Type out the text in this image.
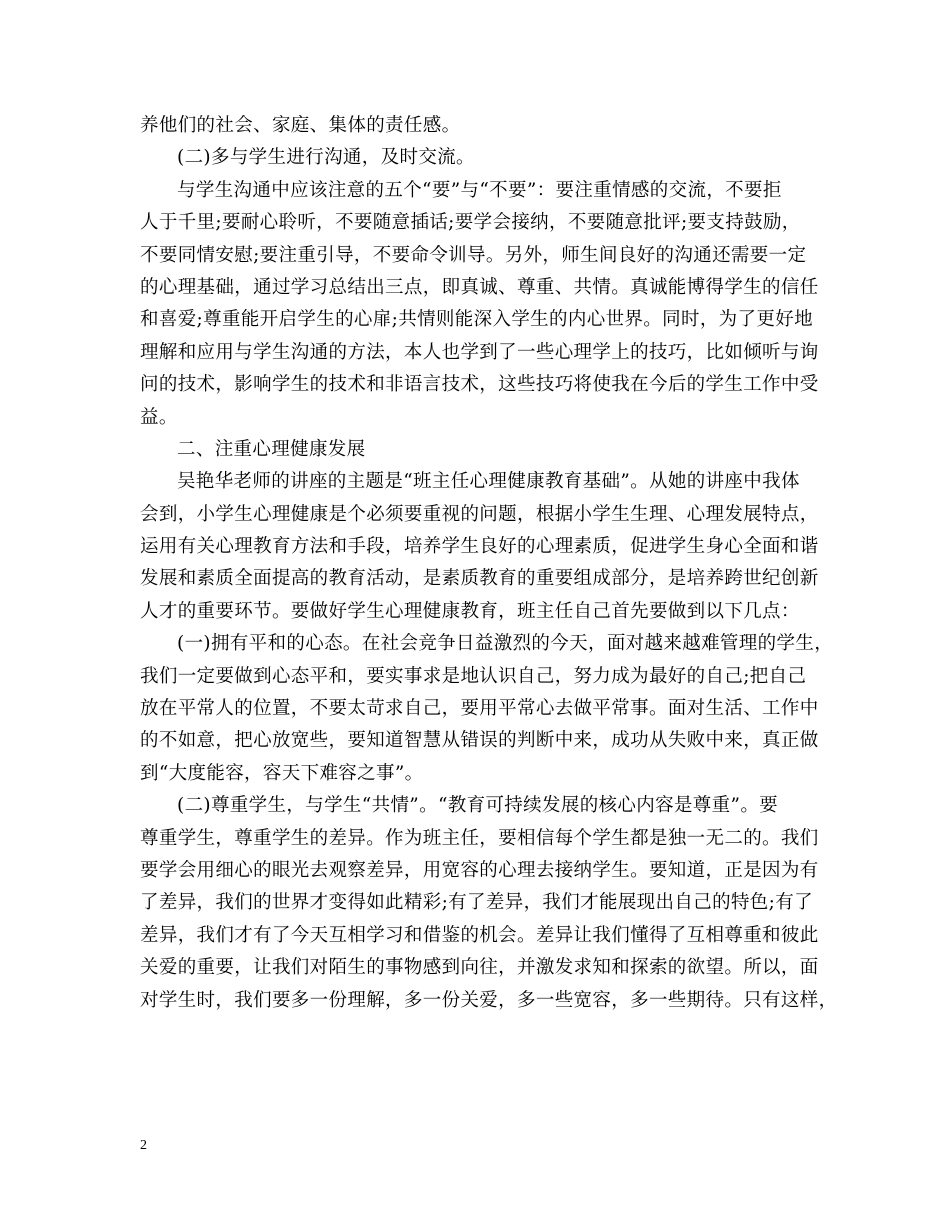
养他们的社会、家庭、集体的责任感。
(二)多与学生进行沟通，及时交流。
与学生沟通中应该注意的五个“要”与“不要”：要注重情感的交流，不要拒
人于千里;要耐心聆听，不要随意插话;要学会接纳，不要随意批评;要支持鼓励，
不要同情安慰;要注重引导，不要命令训导。另外，师生间良好的沟通还需要一定
的心理基础，通过学习总结出三点，即真诚、尊重、共情。真诚能博得学生的信任
和喜爱;尊重能开启学生的心扉;共情则能深入学生的内心世界。同时，为了更好地
理解和应用与学生沟通的方法，本人也学到了一些心理学上的技巧，比如倾听与询
问的技术，影响学生的技术和非语言技术，这些技巧将使我在今后的学生工作中受
益。
二、注重心理健康发展
吴艳华老师的讲座的主题是“班主任心理健康教育基础”。从她的讲座中我体
会到，小学生心理健康是个必须要重视的问题，根据小学生生理、心理发展特点，
运用有关心理教育方法和手段，培养学生良好的心理素质，促进学生身心全面和谐
发展和素质全面提高的教育活动，是素质教育的重要组成部分，是培养跨世纪创新
人才的重要环节。要做好学生心理健康教育，班主任自己首先要做到以下几点：
(一)拥有平和的心态。在社会竞争日益激烈的今天，面对越来越难管理的学生，
我们一定要做到心态平和，要实事求是地认识自己，努力成为最好的自己;把自己
放在平常人的位置，不要太苛求自己，要用平常心去做平常事。面对生活、工作中
的不如意，把心放宽些，要知道智慧从错误的判断中来，成功从失败中来，真正做
到“大度能容，容天下难容之事”。
(二)尊重学生，与学生“共情”。“教育可持续发展的核心内容是尊重”。要
尊重学生，尊重学生的差异。作为班主任，要相信每个学生都是独一无二的。我们
要学会用细心的眼光去观察差异，用宽容的心理去接纳学生。要知道，正是因为有
了差异，我们的世界才变得如此精彩;有了差异，我们才能展现出自己的特色;有了
差异，我们才有了今天互相学习和借鉴的机会。差异让我们懂得了互相尊重和彼此
关爱的重要，让我们对陌生的事物感到向往，并激发求知和探索的欲望。所以，面
对学生时，我们要多一份理解，多一份关爱，多一些宽容，多一些期待。只有这样，
2
